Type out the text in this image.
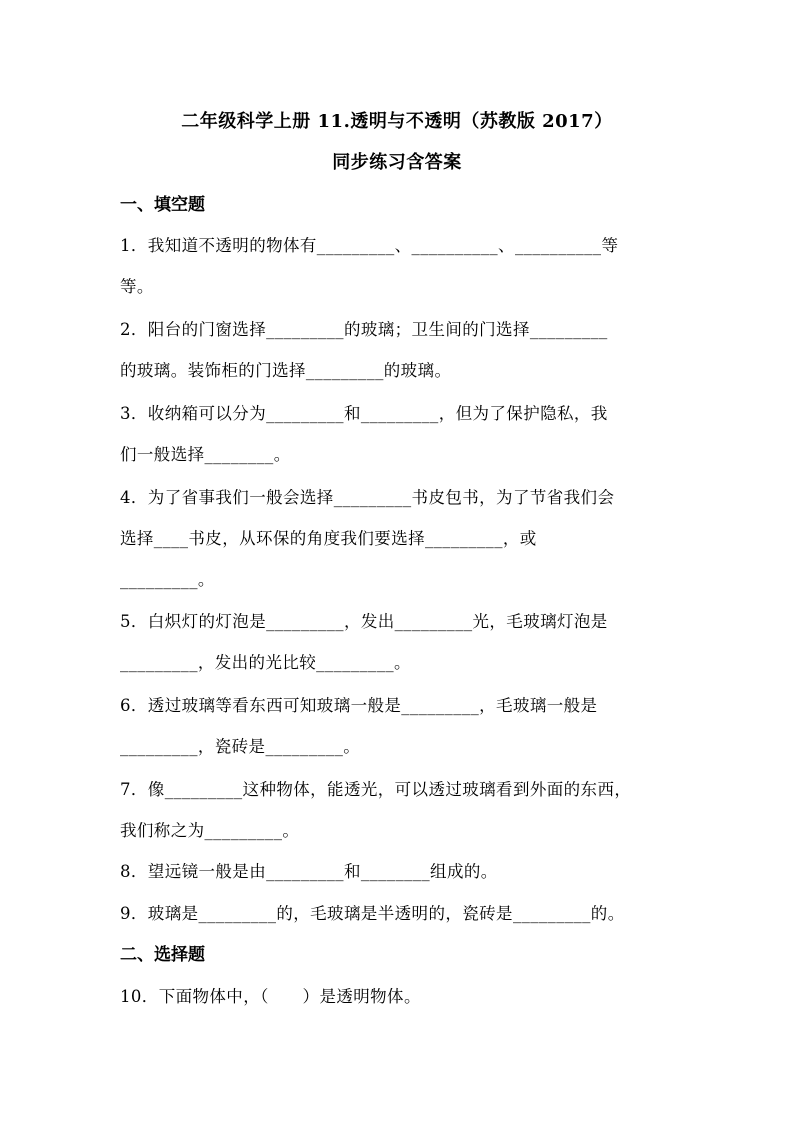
二年级科学上册 11.透明与不透明（苏教版 2017）
同步练习含答案
一、填空题
1．我知道不透明的物体有_________、__________、__________等
等。
2．阳台的门窗选择_________的玻璃；卫生间的门选择_________
的玻璃。装饰柜的门选择_________的玻璃。
3．收纳箱可以分为_________和_________，但为了保护隐私，我
们一般选择________。
4．为了省事我们一般会选择_________书皮包书，为了节省我们会
选择____书皮，从环保的角度我们要选择_________，或
_________。
5．白炽灯的灯泡是_________，发出_________光，毛玻璃灯泡是
_________，发出的光比较_________。
6．透过玻璃等看东西可知玻璃一般是_________，毛玻璃一般是
_________，瓷砖是_________。
7．像_________这种物体，能透光，可以透过玻璃看到外面的东西，
我们称之为_________。
8．望远镜一般是由_________和________组成的。
9．玻璃是_________的，毛玻璃是半透明的，瓷砖是_________的。
二、选择题
10．下面物体中，（　　）是透明物体。
